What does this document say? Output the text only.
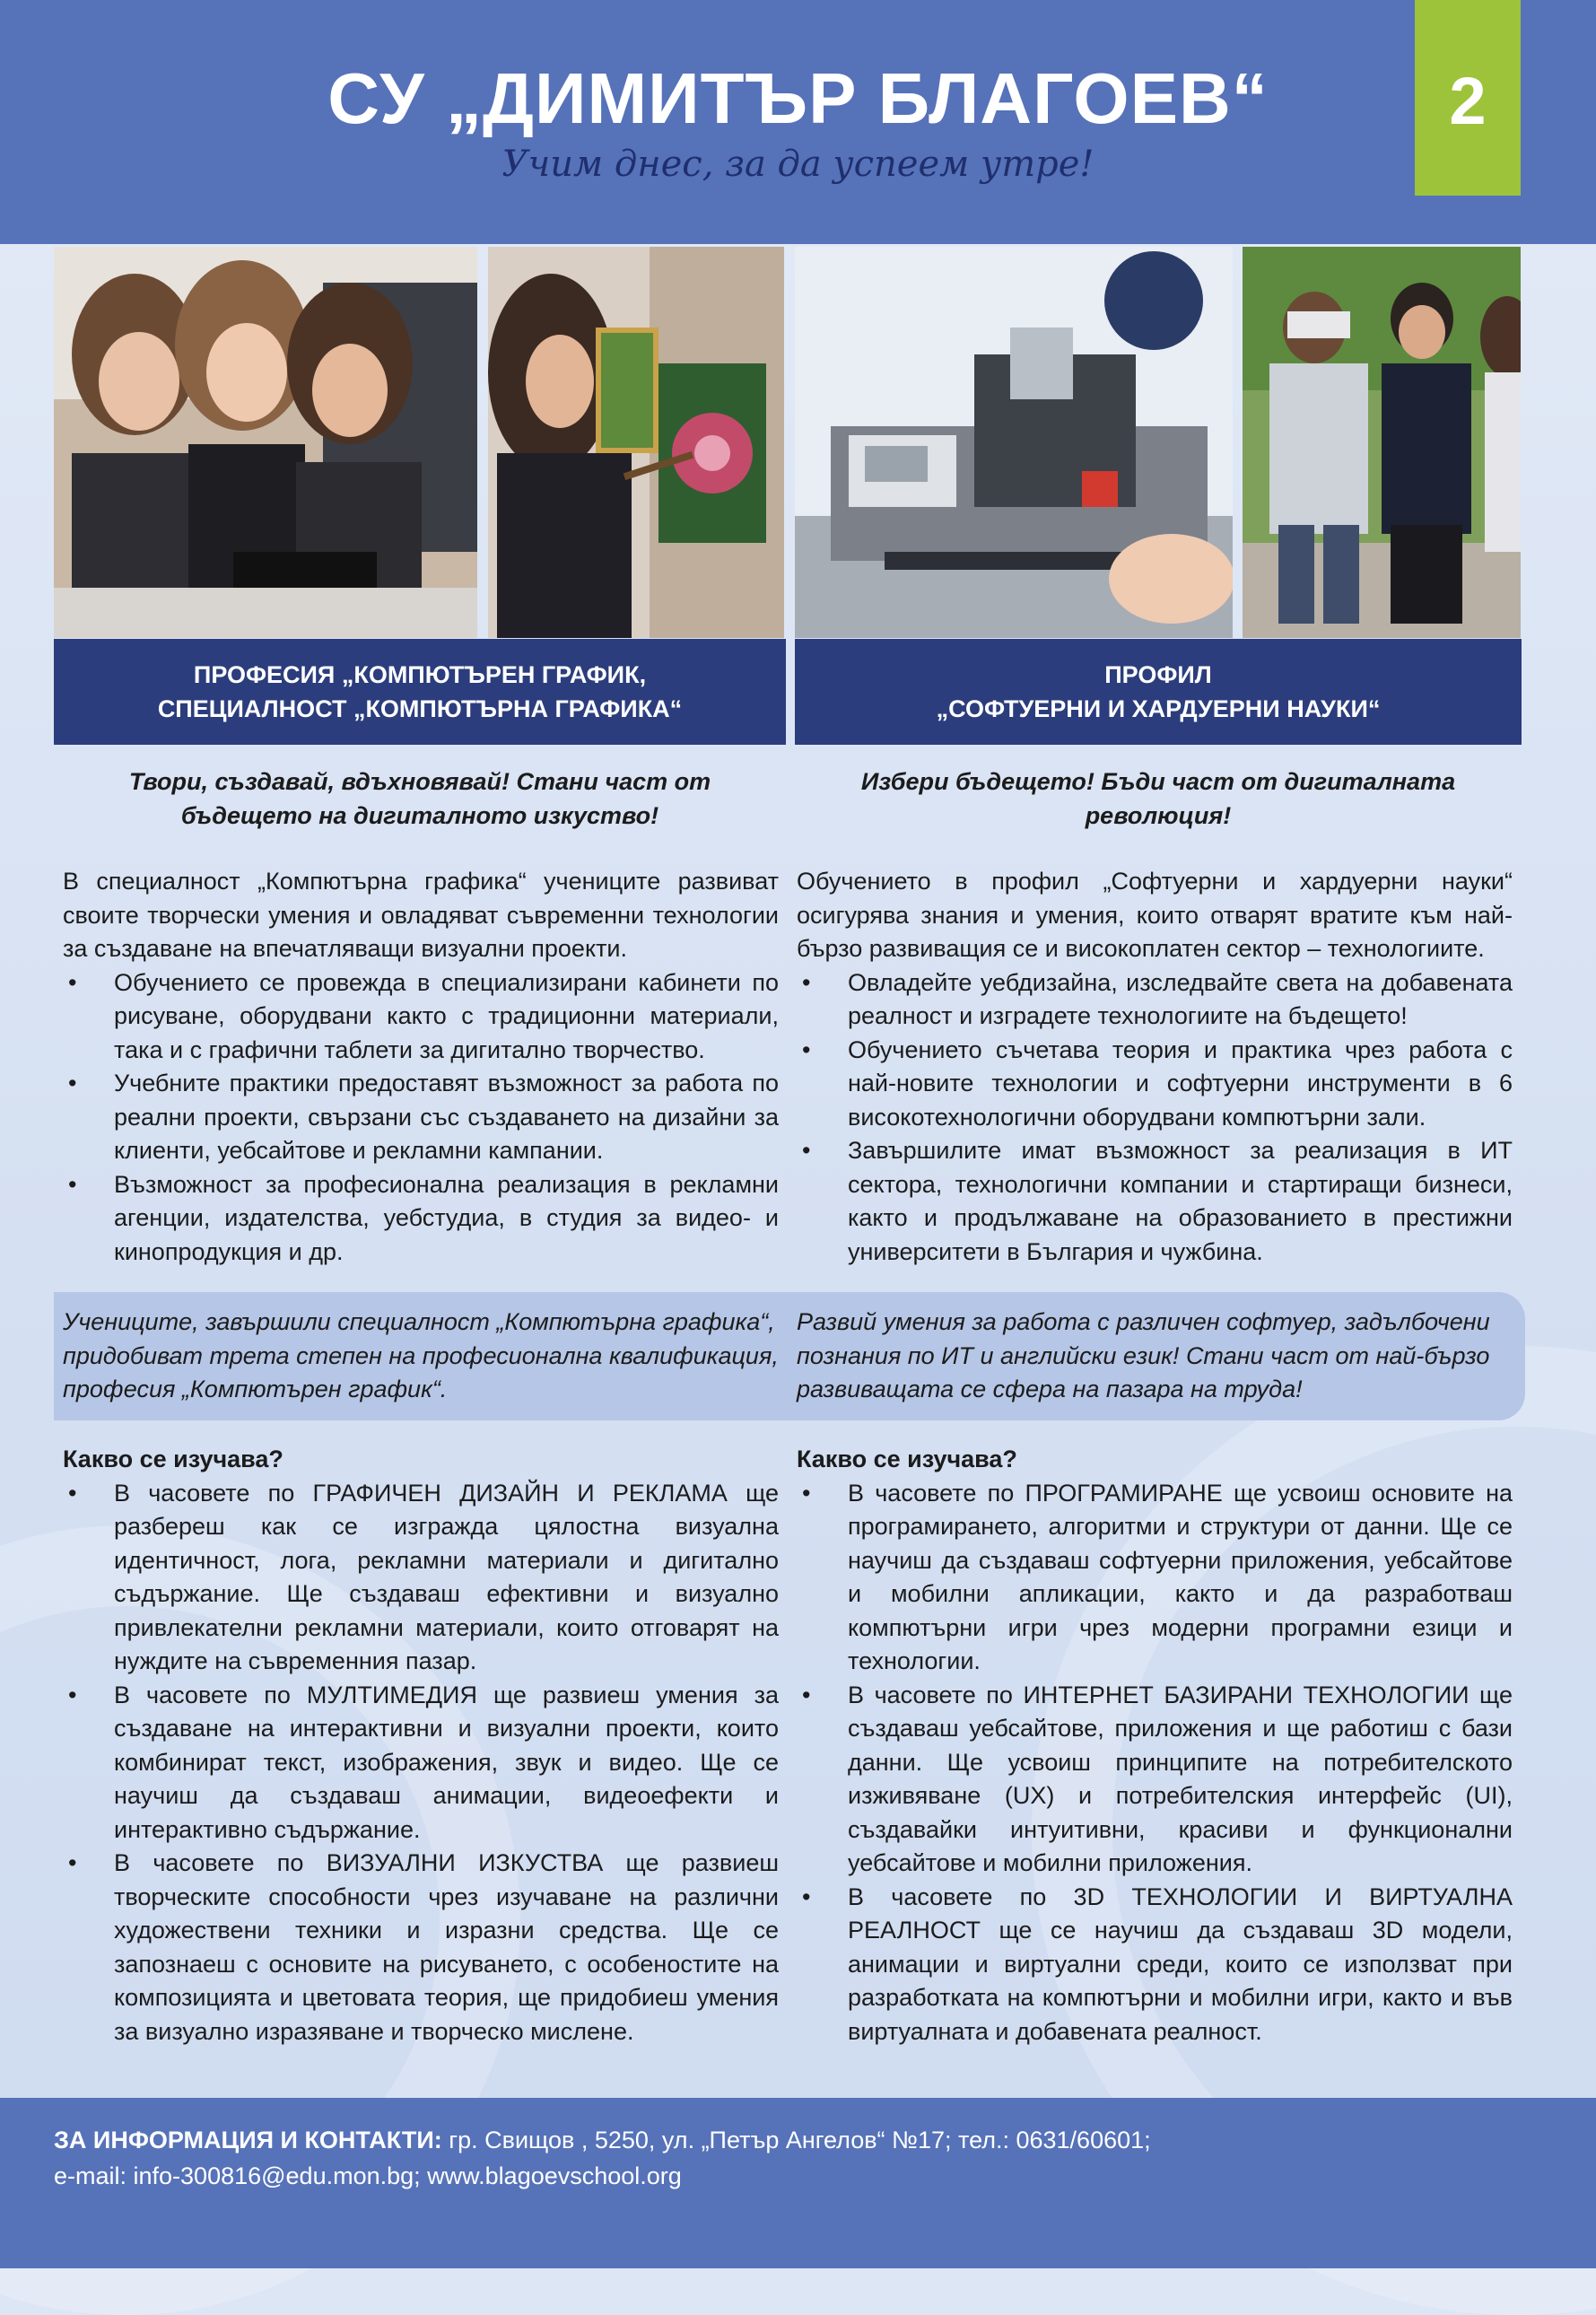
СУ „ДИМИТЪР БЛАГОЕВ“
Учим днес, за да успеем утре!
2
ПРОФЕСИЯ „КОМПЮТЪРЕН ГРАФИК,
СПЕЦИАЛНОСТ „КОМПЮТЪРНА ГРАФИКА“
ПРОФИЛ
„СОФТУЕРНИ И ХАРДУЕРНИ НАУКИ“
Твори, създавай, вдъхновявай! Стани част от
бъдещето на дигиталното изкуство!
Избери бъдещето! Бъди част от дигиталната
революция!

В специалност „Компютърна графика“ учениците развиват своите творчески умения и овладяват съвременни технологии за създаване на впечатляващи визуални проекти.

• Обучението се провежда в специализирани кабинети по рисуване, оборудвани както с традиционни материали, така и с графични таблети за дигитално творчество.
• Учебните практики предоставят възможност за работа по реални проекти, свързани със създаването на дизайни за клиенти, уебсайтове и рекламни кампании.
• Възможност за професионална реализация в рекламни агенции, издателства, уебстудиа, в студия за видео- и кинопродукция и др.

Обучението в профил „Софтуерни и хардуерни науки“ осигурява знания и умения, които отварят вратите към най-бързо развиващия се и високоплатен сектор – технологиите.

• Овладейте уебдизайна, изследвайте света на добавената реалност и изградете технологиите на бъдещето!
• Обучението съчетава теория и практика чрез работа с най-новите технологии и софтуерни инструменти в 6 високотехнологични оборудвани компютърни зали.
• Завършилите имат възможност за реализация в ИТ сектора, технологични компании и стартиращи бизнеси, както и продължаване на образованието в престижни университети в България и чужбина.
Учениците, завършили специалност „Компютърна графика“, придобиват трета степен на професионална квалификация, професия „Компютърен график“.
Развий умения за работа с различен софтуер, задълбочени познания по ИТ и английски език! Стани част от най-бързо развиващата се сфера на пазара на труда!

Какво се изучава?

• В часовете по ГРАФИЧЕН ДИЗАЙН И РЕКЛАМА ще разбереш как се изгражда цялостна визуална идентичност, лога, рекламни материали и дигитално съдържание. Ще създаваш ефективни и визуално привлекателни рекламни материали, които отговарят на нуждите на съвременния пазар.
• В часовете по МУЛТИМЕДИЯ ще развиеш умения за създаване на интерактивни и визуални проекти, които комбинират текст, изображения, звук и видео. Ще се научиш да създаваш анимации, видеоефекти и интерактивно съдържание.
• В часовете по ВИЗУАЛНИ ИЗКУСТВА ще развиеш творческите способности чрез изучаване на различни художествени техники и изразни средства. Ще се запознаеш с основите на рисуването, с особеностите на композицията и цветовата теория, ще придобиеш умения за визуално изразяване и творческо мислене.

Какво се изучава?

• В часовете по ПРОГРАМИРАНЕ ще усвоиш основите на програмирането, алгоритми и структури от данни. Ще се научиш да създаваш софтуерни приложения, уебсайтове и мобилни апликации, както и да разработваш компютърни игри чрез модерни програмни езици и технологии.
• В часовете по ИНТЕРНЕТ БАЗИРАНИ ТЕХНОЛОГИИ ще създаваш уебсайтове, приложения и ще работиш с бази данни. Ще усвоиш принципите на потребителското изживяване (UX) и потребителския интерфейс (UI), създавайки интуитивни, красиви и функционални уебсайтове и мобилни приложения.
• В часовете по 3D ТЕХНОЛОГИИ И ВИРТУАЛНА РЕАЛНОСТ ще се научиш да създаваш 3D модели, анимации и виртуални среди, които се използват при разработката на компютърни и мобилни игри, както и във виртуалната и добавената реалност.
ЗА ИНФОРМАЦИЯ И КОНТАКТИ: гр. Свищов , 5250, ул. „Петър Ангелов“ №17; тел.: 0631/60601;
e-mail: info-300816@edu.mon.bg; www.blagoevschool.org
